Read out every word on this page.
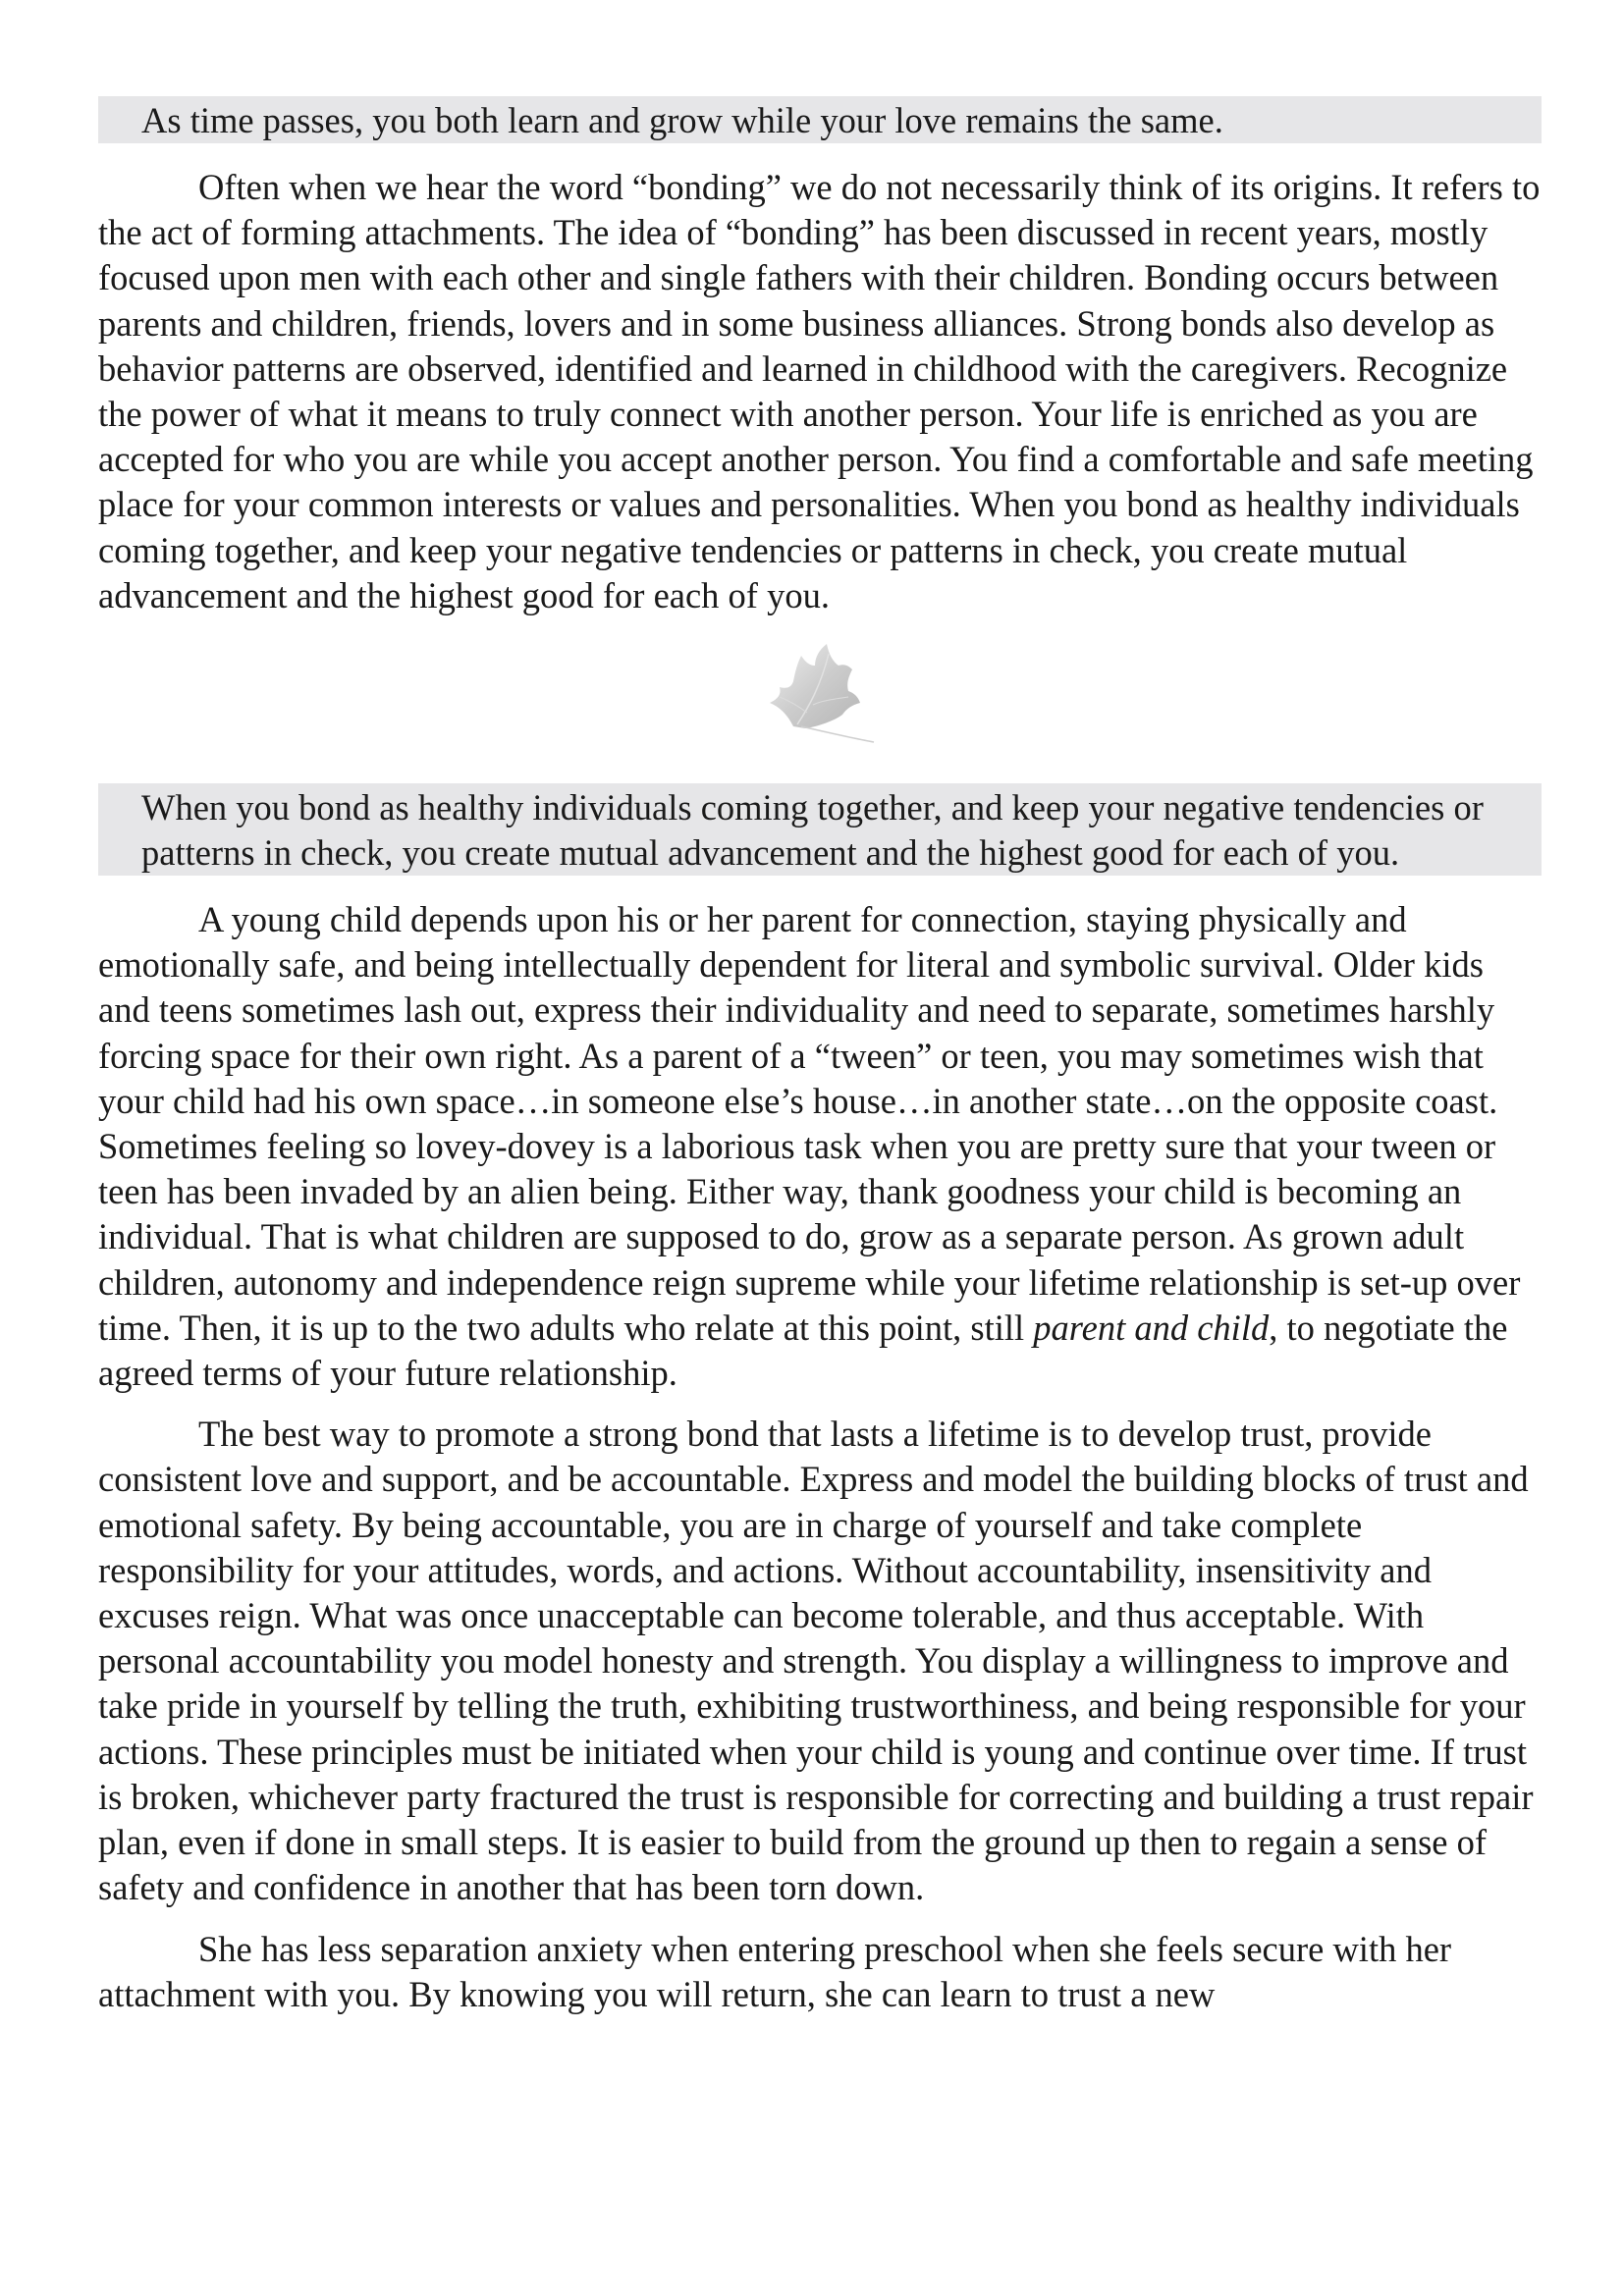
As time passes, you both learn and grow while your love remains the same.

Often when we hear the word “bonding” we do not necessarily think of its origins. It refers to the act of forming attachments. The idea of “bonding” has been discussed in recent years, mostly focused upon men with each other and single fathers with their children. Bonding occurs between parents and children, friends, lovers and in some business alliances. Strong bonds also develop as behavior patterns are observed, identified and learned in childhood with the caregivers. Recognize the power of what it means to truly connect with another person. Your life is enriched as you are accepted for who you are while you accept another person. You find a comfortable and safe meeting place for your common interests or values and personalities. When you bond as healthy individuals coming together, and keep your negative tendencies or patterns in check, you create mutual advancement and the highest good for each of you.

When you bond as healthy individuals coming together, and keep your negative tendencies or patterns in check, you create mutual advancement and the highest good for each of you.

A young child depends upon his or her parent for connection, staying physically and emotionally safe, and being intellectually dependent for literal and symbolic survival. Older kids and teens sometimes lash out, express their individuality and need to separate, sometimes harshly forcing space for their own right. As a parent of a “tween” or teen, you may sometimes wish that your child had his own space…in someone else’s house…in another state…on the opposite coast. Sometimes feeling so lovey-dovey is a laborious task when you are pretty sure that your tween or teen has been invaded by an alien being. Either way, thank goodness your child is becoming an individual. That is what children are supposed to do, grow as a separate person. As grown adult children, autonomy and independence reign supreme while your lifetime relationship is set-up over time. Then, it is up to the two adults who relate at this point, still parent and child, to negotiate the agreed terms of your future relationship.

The best way to promote a strong bond that lasts a lifetime is to develop trust, provide consistent love and support, and be accountable. Express and model the building blocks of trust and emotional safety. By being accountable, you are in charge of yourself and take complete responsibility for your attitudes, words, and actions. Without accountability, insensitivity and excuses reign. What was once unacceptable can become tolerable, and thus acceptable. With personal accountability you model honesty and strength. You display a willingness to improve and take pride in yourself by telling the truth, exhibiting trustworthiness, and being responsible for your actions. These principles must be initiated when your child is young and continue over time. If trust is broken, whichever party fractured the trust is responsible for correcting and building a trust repair plan, even if done in small steps. It is easier to build from the ground up then to regain a sense of safety and confidence in another that has been torn down.

She has less separation anxiety when entering preschool when she feels secure with her attachment with you. By knowing you will return, she can learn to trust a new
